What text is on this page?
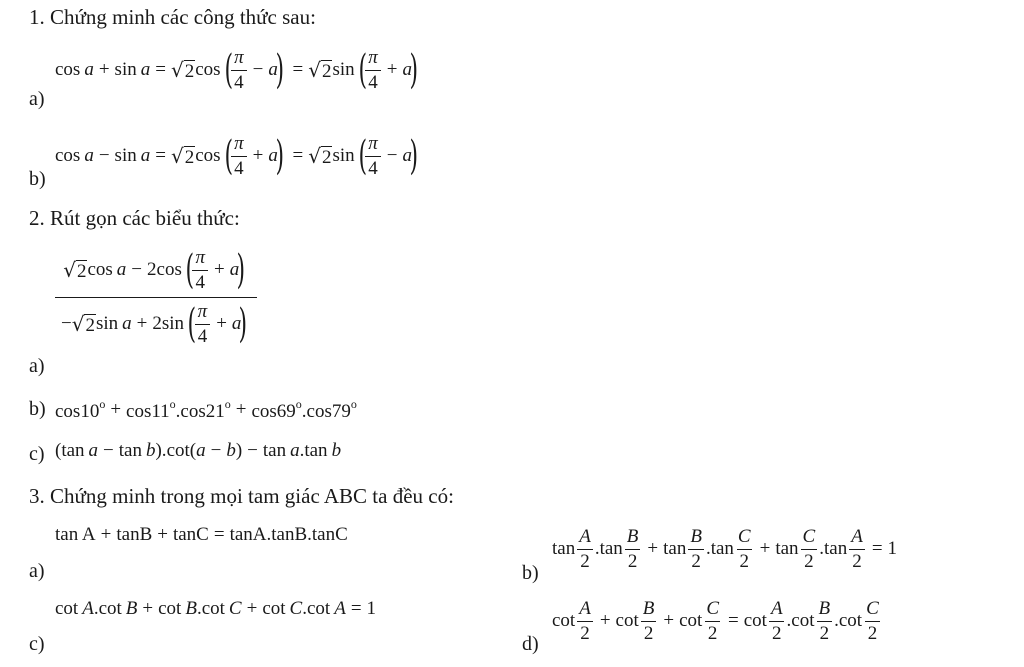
1. Chứng minh các công thức sau:
cos a + sin a = √ 2 cos (
$\frac{\pi}{4} - a$
) = √ 2 sin (
$\frac{\pi}{4} + a$
)
a)
cos a − sin a = √ 2 cos (
$\frac{\pi}{4} + a$
) = √ 2 sin (
$\frac{\pi}{4} - a$
)
b)
2. Rút gọn các biểu thức:
√ 2 cos a − 2cos (
$\frac{\pi}{4} + a$
)
− √ 2 sin a + 2sin (
$\frac{\pi}{4} + a$
)
a)
b) $\cos 10^o + \cos 11^o.\cos 21^o + \cos 69^o.\cos 79^o$
c) ( tan a − tan b ). cot( a − b ) − tan a . tan b
3. Chứng minh trong mọi tam giác ABC ta đều có:
tan A + tanB + tanC = tanA.tanB.tanC
a)	b)
$\tan \frac{A}{2}$ . $\tan \frac{B}{2} + \tan \frac{B}{2}$ . $\tan \frac{C}{2} + \tan \frac{C}{2}$ . $\tan \frac{A}{2} = 1$
cot A . cot B + cot B . cot C + cot C . cot A = 1
c)	d)
$\cot \frac{A}{2} + \cot \frac{B}{2} + \cot \frac{C}{2} = \cot \frac{A}{2}$ . $\cot \frac{B}{2}$ . $\cot \frac{C}{2}$
